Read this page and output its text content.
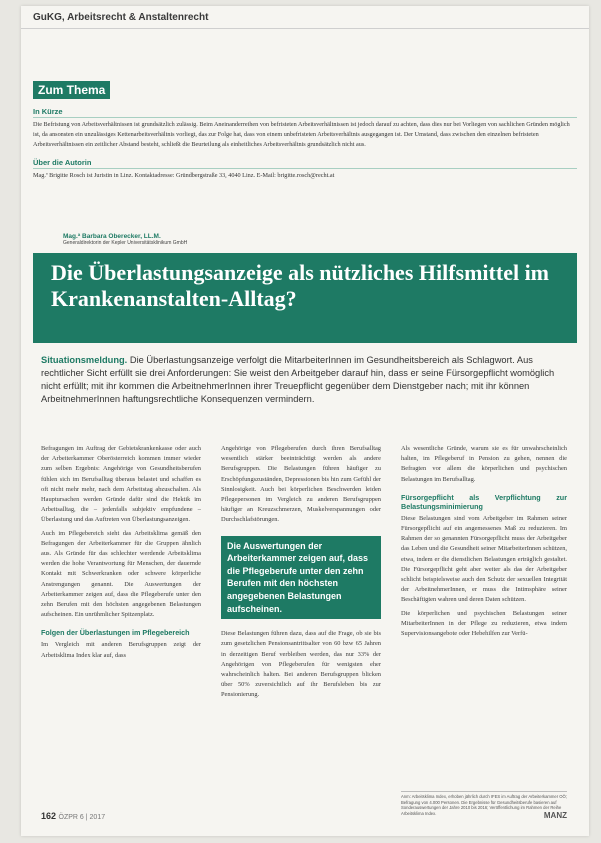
GuKG, Arbeitsrecht & Anstaltenrecht
Zum Thema
In Kürze
Die Befristung von Arbeitsverhältnissen ist grundsätzlich zulässig. Beim Aneinanderreihen von befristeten Arbeitsverhältnissen ist jedoch darauf zu achten, dass dies nur bei Vorliegen von sachlichen Gründen möglich ist, da ansonsten ein unzulässiges Kettenarbeitsverhältnis vorliegt, das zur Folge hat, dass von einem unbefristeten Arbeitsverhältnis ausgegangen ist. Der Umstand, dass zwischen den einzelnen befristeten Arbeitsverhältnissen ein zeitlicher Abstand besteht, schließt die Beurteilung als einheitliches Arbeitsverhältnis grundsätzlich nicht aus.
Über die Autorin
Mag.ª Brigitte Rosch ist Juristin in Linz. Kontaktadresse: Gründbergstraße 33, 4040 Linz. E-Mail: brigitte.rosch@recht.at
Mag.ª Barbara Oberecker, LL.M.
Generaldirektorin der Kepler Universitätsklinikum GmbH
Die Überlastungsanzeige als nützliches Hilfsmittel im Krankenanstalten-Alltag?
Situationsmeldung. Die Überlastungsanzeige verfolgt die MitarbeiterInnen im Gesundheitsbereich als Schlagwort. Aus rechtlicher Sicht erfüllt sie drei Anforderungen: Sie weist den Arbeitgeber darauf hin, dass er seine Fürsorgepflicht womöglich nicht erfüllt; mit ihr kommen die ArbeitnehmerInnen ihrer Treuepflicht gegenüber dem Dienstgeber nach; mit ihr können ArbeitnehmerInnen haftungsrechtliche Konsequenzen vermindern.

Befragungen im Auftrag der Gebietskrankenkasse oder auch der Arbeiterkammer Oberösterreich kommen immer wieder zum selben Ergebnis: Angehörige von Gesundheitsberufen fühlen sich im Berufsalltag überaus belastet und schaffen es oft nicht mehr mehr, nach dem Arbeitstag abzuschalten. Als Hauptursachen werden Gründe dafür sind die Hektik im Arbeitsalltag, die – jedenfalls subjektiv empfundene – Überlastung und das Auftreten von Überlastungsanzeigen.

Auch im Pflegebereich sieht das Arbeitsklima gemäß den Befragungen der Arbeiterkammer für die Gruppen ähnlich aus. Als Gründe für das schlechter werdende Arbeitsklima werden die hohe Verantwortung für Menschen, der dauernde Kontakt mit Schwerkranken oder schwere körperliche Anstrengungen genannt. Die Auswertungen der Arbeiterkammer zeigen auf, dass die Pflegeberufe unter den zehn Berufen mit den höchsten angegebenen Belastungen aufscheinen. Ein unrühmlicher Spitzenplatz.

Folgen der Überlastungen im Pflegebereich

Im Vergleich mit anderen Berufsgruppen zeigt der Arbeitsklima Index klar auf, dass

Angehörige von Pflegeberufen durch ihren Berufsalltag wesentlich stärker beeinträchtigt werden als andere Berufsgruppen. Die Belastungen führen häufiger zu Erschöpfungszuständen, Depressionen bis hin zum Gefühl der Sinnlosigkeit. Auch bei körperlichen Beschwerden leiden Pflegepersonen im Vergleich zu anderen Berufsgruppen häufiger an Kreuzschmerzen, Muskelverspannungen oder Durchschlafstörungen.

Die Auswertungen der Arbeiterkammer zeigen auf, dass die Pflegeberufe unter den zehn Berufen mit den höchsten angegebenen Belastungen aufscheinen.

Diese Belastungen führen dazu, dass auf die Frage, ob sie bis zum gesetzlichen Pensionsantrittsalter von 60 bzw 65 Jahren in derzeitigen Beruf verbleiben werden, das nur 33% der Angehörigen von Pflegeberufen für wenigsten eher wahrscheinlich halten. Bei anderen Berufsgruppen blicken über 50% zuversichtlich auf ihr Berufsleben bis zur Pensionierung.

Als wesentliche Gründe, warum sie es für unwahrscheinlich halten, im Pflegeberuf in Pension zu gehen, nennen die Befragten vor allem die körperlichen und psychischen Belastungen im Berufsalltag.

Fürsorgepflicht als Verpflichtung zur Belastungsminimierung

Diese Belastungen sind vom Arbeitgeber im Rahmen seiner Fürsorgepflicht auf ein angemessenes Maß zu reduzieren. Im Rahmen der so genannten Fürsorgepflicht muss der Arbeitgeber das Leben und die Gesundheit seiner MitarbeiterInnen schützen, etwa, indem er die dienstlichen Belastungen erträglich gestaltet. Die Fürsorgepflicht geht aber weiter als das der Arbeitgeber schlicht beispielsweise auch den Schutz der sexuellen Integrität der ArbeitnehmerInnen, er muss die Intimsphäre seiner Beschäftigten wahren und deren Daten schützen.

Die körperlichen und psychischen Belastungen seiner MitarbeiterInnen in der Pflege zu reduzieren, etwa indem Supervisionsangebote oder Hebehilfen zur Verfü-

Anm: Arbeitsklima Index, erhoben jährlich durch IFES im Auftrag der Arbeiterkammer OÖ; Befragung von 4.000 Personen. Die Ergebnisse für Gesundheitsberufe basieren auf Sonderauswertungen der Jahre 2010 bis 2016; Veröffentlichung im Rahmen der Reihe Arbeitsklima Index.
162 ÖZPR 6 | 2017	MANZ
